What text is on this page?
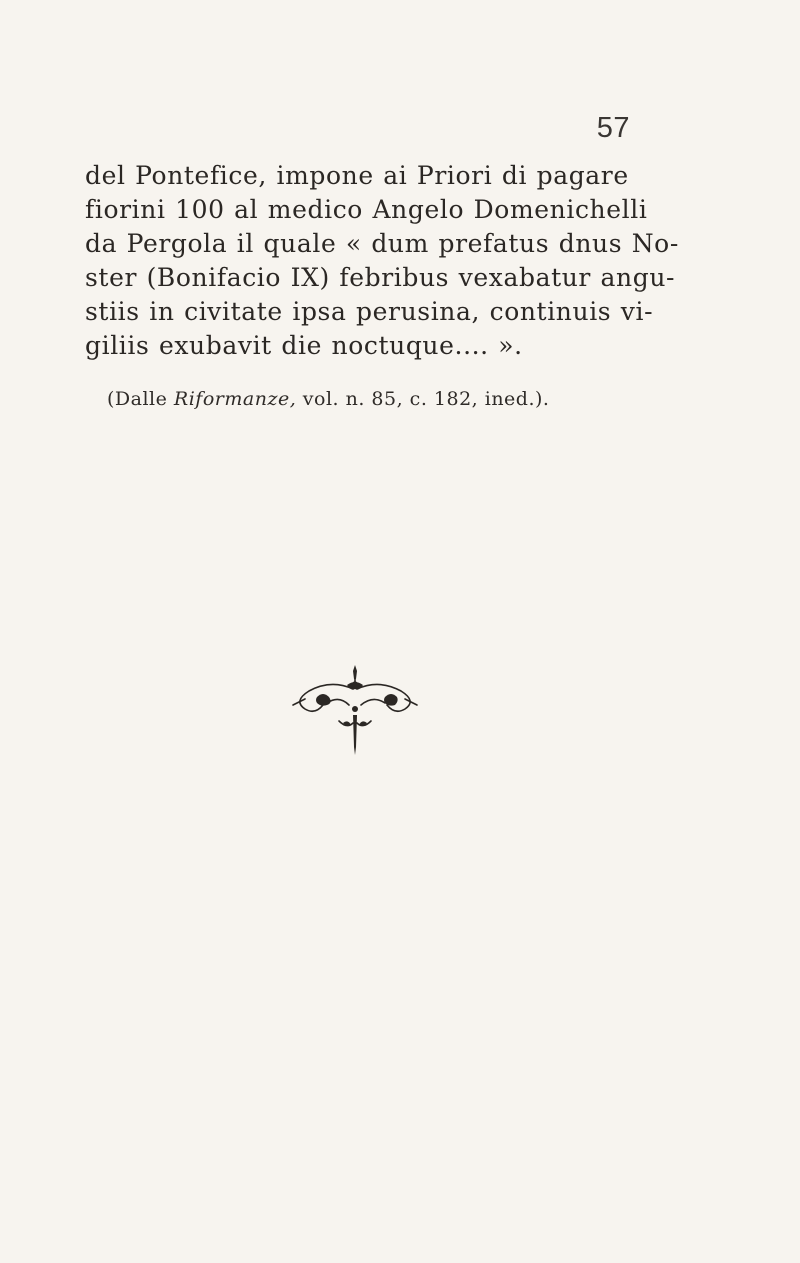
57
del Pontefice, impone ai Priori di pagare
fiorini 100 al medico Angelo Domenichelli
da Pergola il quale « dum prefatus dnus No-
ster (Bonifacio IX) febribus vexabatur angu-
stiis in civitate ipsa perusina, continuis vi-
giliis exubavit die noctuque.... ».
(Dalle Riformanze, vol. n. 85, c. 182, ined.).
